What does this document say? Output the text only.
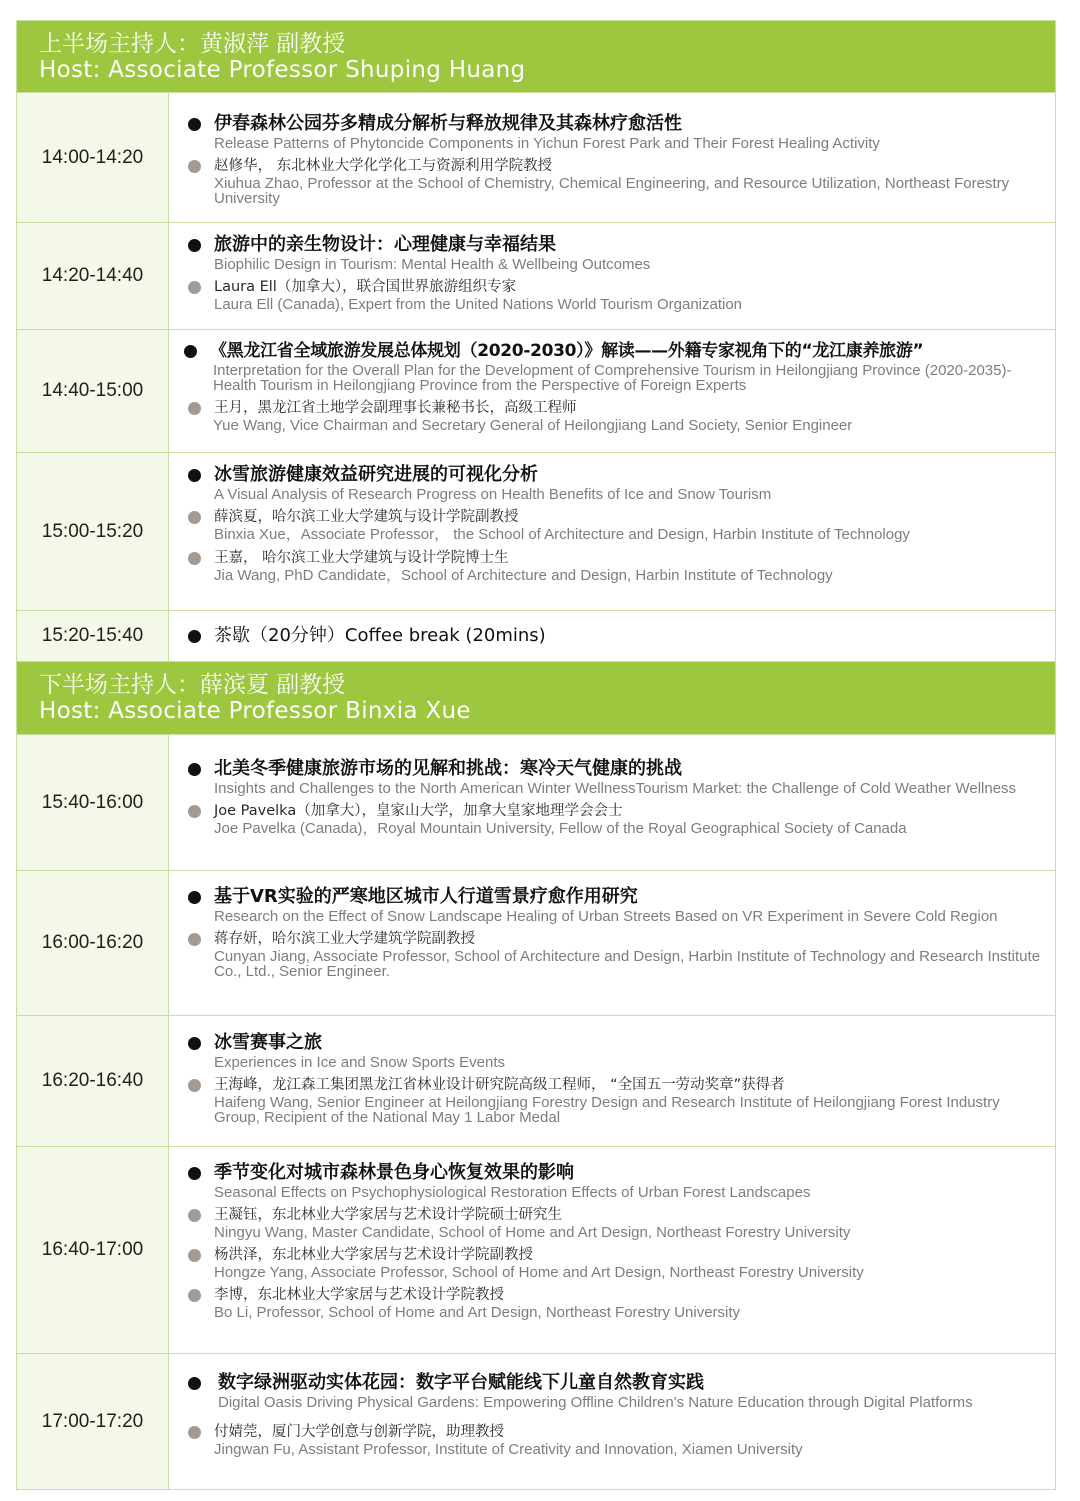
上半场主持人：黄淑萍 副教授
Host: Associate Professor Shuping Huang
14:00-14:20
伊春森林公园芬多精成分解析与释放规律及其森林疗愈活性
Release Patterns of Phytoncide Components in Yichun Forest Park and Their Forest Healing Activity
赵修华， 东北林业大学化学化工与资源利用学院教授
Xiuhua Zhao, Professor at the School of Chemistry, Chemical Engineering, and Resource Utilization, Northeast Forestry University
14:20-14:40
旅游中的亲生物设计：心理健康与幸福结果
Biophilic Design in Tourism: Mental Health & Wellbeing Outcomes
Laura Ell（加拿大），联合国世界旅游组织专家
Laura Ell (Canada), Expert from the United Nations World Tourism Organization
14:40-15:00
《黑龙江省全域旅游发展总体规划（2020-2030）》解读——外籍专家视角下的“龙江康养旅游”
Interpretation for the Overall Plan for the Development of Comprehensive Tourism in Heilongjiang Province (2020-2035)-Health Tourism in Heilongjiang Province from the Perspective of Foreign Experts
王月，黑龙江省土地学会副理事长兼秘书长，高级工程师
Yue Wang, Vice Chairman and Secretary General of Heilongjiang Land Society, Senior Engineer
15:00-15:20
冰雪旅游健康效益研究进展的可视化分析
A Visual Analysis of Research Progress on Health Benefits of Ice and Snow Tourism
薛滨夏，哈尔滨工业大学建筑与设计学院副教授
Binxia Xue，Associate Professor， the School of Architecture and Design, Harbin Institute of Technology
王嘉， 哈尔滨工业大学建筑与设计学院博士生
Jia Wang, PhD Candidate，School of Architecture and Design, Harbin Institute of Technology
15:20-15:40	茶歇（20分钟）Coffee break (20mins)
下半场主持人：薛滨夏 副教授
Host: Associate Professor Binxia Xue
15:40-16:00
北美冬季健康旅游市场的见解和挑战：寒冷天气健康的挑战
Insights and Challenges to the North American Winter WellnessTourism Market: the Challenge of Cold Weather Wellness
Joe Pavelka（加拿大），皇家山大学，加拿大皇家地理学会会士
Joe Pavelka (Canada)，Royal Mountain University, Fellow of the Royal Geographical Society of Canada
16:00-16:20
基于VR实验的严寒地区城市人行道雪景疗愈作用研究
Research on the Effect of Snow Landscape Healing of Urban Streets Based on VR Experiment in Severe Cold Region
蒋存妍，哈尔滨工业大学建筑学院副教授
Cunyan Jiang, Associate Professor, School of Architecture and Design, Harbin Institute of Technology and Research Institute Co., Ltd., Senior Engineer.
16:20-16:40
冰雪赛事之旅
Experiences in Ice and Snow Sports Events
王海峰，龙江森工集团黑龙江省林业设计研究院高级工程师， “全国五一劳动奖章”获得者
Haifeng Wang, Senior Engineer at Heilongjiang Forestry Design and Research Institute of Heilongjiang Forest Industry Group, Recipient of the National May 1 Labor Medal
16:40-17:00
季节变化对城市森林景色身心恢复效果的影响
Seasonal Effects on Psychophysiological Restoration Effects of Urban Forest Landscapes
王凝钰，东北林业大学家居与艺术设计学院硕士研究生
Ningyu Wang, Master Candidate, School of Home and Art Design, Northeast Forestry University
杨洪泽，东北林业大学家居与艺术设计学院副教授
Hongze Yang, Associate Professor, School of Home and Art Design, Northeast Forestry University
李博，东北林业大学家居与艺术设计学院教授
Bo Li, Professor, School of Home and Art Design, Northeast Forestry University
17:00-17:20
数字绿洲驱动实体花园：数字平台赋能线下儿童自然教育实践
Digital Oasis Driving Physical Gardens: Empowering Offline Children's Nature Education through Digital Platforms
付婧莞，厦门大学创意与创新学院，助理教授
Jingwan Fu, Assistant Professor, Institute of Creativity and Innovation, Xiamen University
